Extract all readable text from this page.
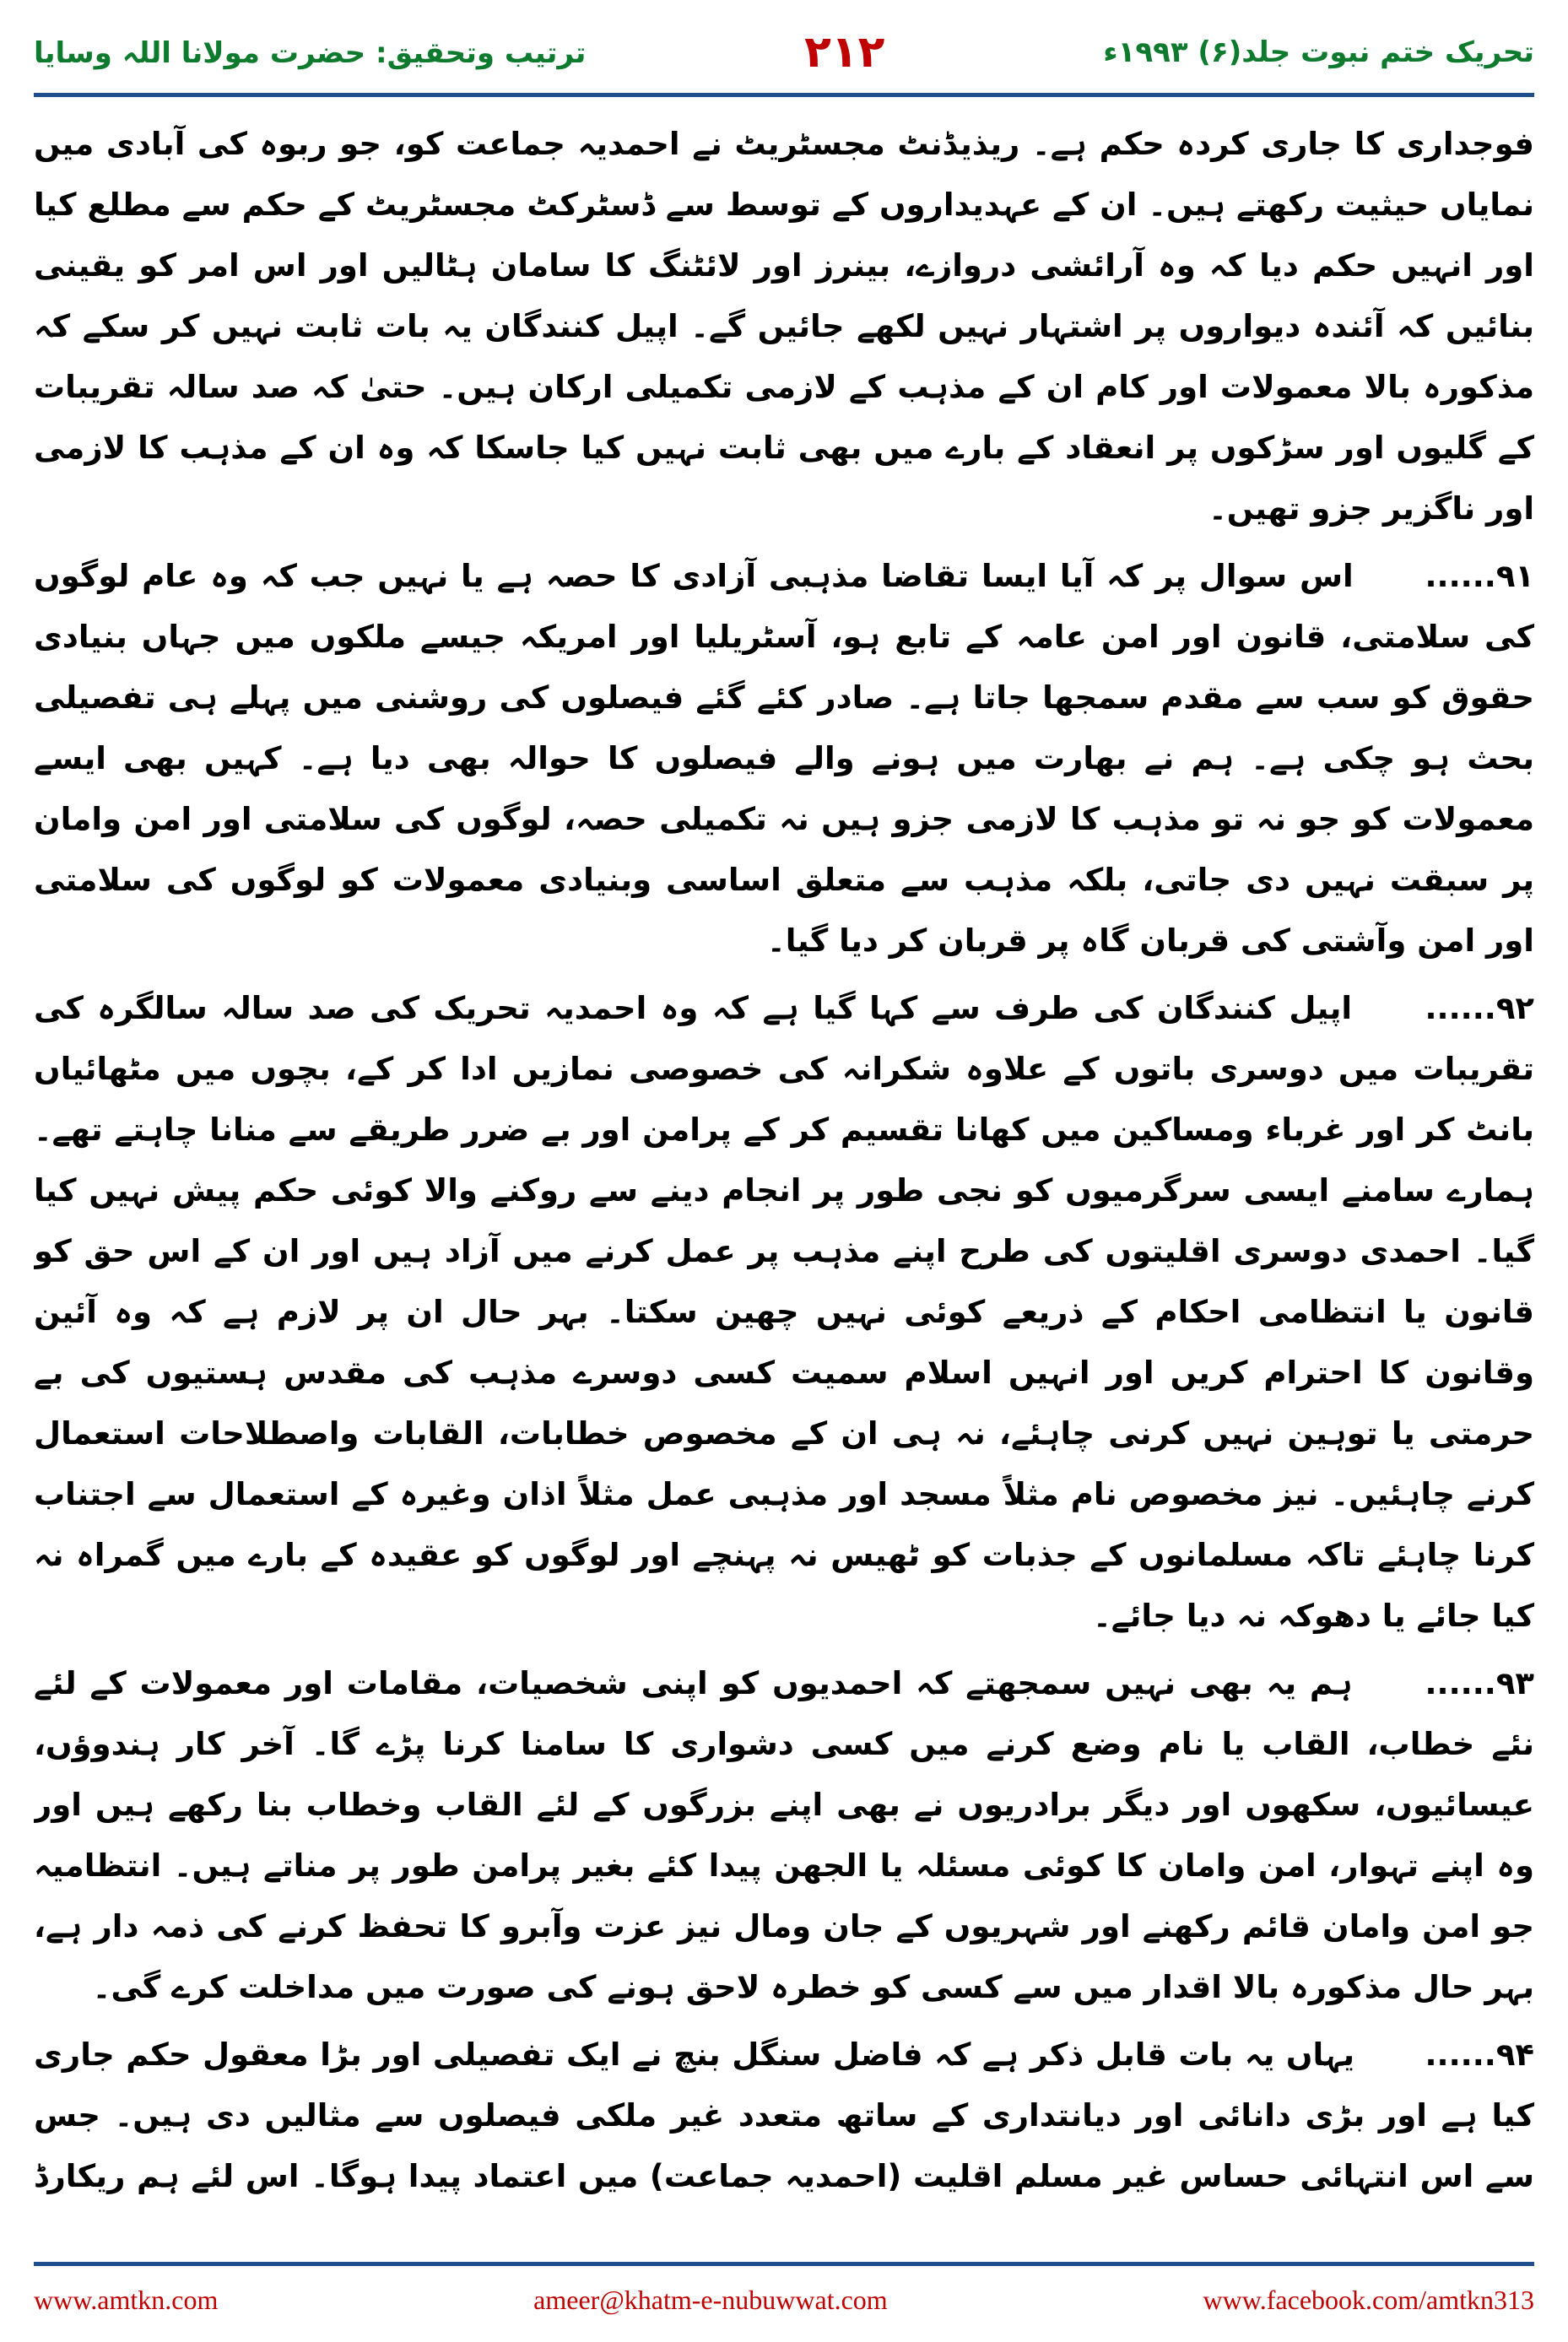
ترتیب وتحقیق: حضرت مولانا اللہ وسایا	۲۱۲	تحریک ختم نبوت جلد(۶) ۱۹۹۳ء

فوجداری کا جاری کردہ حکم ہے۔ ریذیڈنٹ مجسٹریٹ نے احمدیہ جماعت کو، جو ربوہ کی آبادی میں نمایاں حیثیت رکھتے ہیں۔ ان کے عہدیداروں کے توسط سے ڈسٹرکٹ مجسٹریٹ کے حکم سے مطلع کیا اور انہیں حکم دیا کہ وہ آرائشی دروازے، بینرز اور لائٹنگ کا سامان ہٹالیں اور اس امر کو یقینی بنائیں کہ آئندہ دیواروں پر اشتہار نہیں لکھے جائیں گے۔ اپیل کنندگان یہ بات ثابت نہیں کر سکے کہ مذکورہ بالا معمولات اور کام ان کے مذہب کے لازمی تکمیلی ارکان ہیں۔ حتیٰ کہ صد سالہ تقریبات کے گلیوں اور سڑکوں پر انعقاد کے بارے میں بھی ثابت نہیں کیا جاسکا کہ وہ ان کے مذہب کا لازمی اور ناگزیر جزو تھیں۔

۹۱...... اس سوال پر کہ آیا ایسا تقاضا مذہبی آزادی کا حصہ ہے یا نہیں جب کہ وہ عام لوگوں کی سلامتی، قانون اور امن عامہ کے تابع ہو، آسٹریلیا اور امریکہ جیسے ملکوں میں جہاں بنیادی حقوق کو سب سے مقدم سمجھا جاتا ہے۔ صادر کئے گئے فیصلوں کی روشنی میں پہلے ہی تفصیلی بحث ہو چکی ہے۔ ہم نے بھارت میں ہونے والے فیصلوں کا حوالہ بھی دیا ہے۔ کہیں بھی ایسے معمولات کو جو نہ تو مذہب کا لازمی جزو ہیں نہ تکمیلی حصہ، لوگوں کی سلامتی اور امن وامان پر سبقت نہیں دی جاتی، بلکہ مذہب سے متعلق اساسی وبنیادی معمولات کو لوگوں کی سلامتی اور امن وآشتی کی قربان گاہ پر قربان کر دیا گیا۔

۹۲...... اپیل کنندگان کی طرف سے کہا گیا ہے کہ وہ احمدیہ تحریک کی صد سالہ سالگرہ کی تقریبات میں دوسری باتوں کے علاوہ شکرانہ کی خصوصی نمازیں ادا کر کے، بچوں میں مٹھائیاں بانٹ کر اور غرباء ومساکین میں کھانا تقسیم کر کے پرامن اور بے ضرر طریقے سے منانا چاہتے تھے۔ ہمارے سامنے ایسی سرگرمیوں کو نجی طور پر انجام دینے سے روکنے والا کوئی حکم پیش نہیں کیا گیا۔ احمدی دوسری اقلیتوں کی طرح اپنے مذہب پر عمل کرنے میں آزاد ہیں اور ان کے اس حق کو قانون یا انتظامی احکام کے ذریعے کوئی نہیں چھین سکتا۔ بہر حال ان پر لازم ہے کہ وہ آئین وقانون کا احترام کریں اور انہیں اسلام سمیت کسی دوسرے مذہب کی مقدس ہستیوں کی بے حرمتی یا توہین نہیں کرنی چاہئے، نہ ہی ان کے مخصوص خطابات، القابات واصطلاحات استعمال کرنے چاہئیں۔ نیز مخصوص نام مثلاً مسجد اور مذہبی عمل مثلاً اذان وغیرہ کے استعمال سے اجتناب کرنا چاہئے تاکہ مسلمانوں کے جذبات کو ٹھیس نہ پہنچے اور لوگوں کو عقیدہ کے بارے میں گمراہ نہ کیا جائے یا دھوکہ نہ دیا جائے۔

۹۳...... ہم یہ بھی نہیں سمجھتے کہ احمدیوں کو اپنی شخصیات، مقامات اور معمولات کے لئے نئے خطاب، القاب یا نام وضع کرنے میں کسی دشواری کا سامنا کرنا پڑے گا۔ آخر کار ہندوؤں، عیسائیوں، سکھوں اور دیگر برادریوں نے بھی اپنے بزرگوں کے لئے القاب وخطاب بنا رکھے ہیں اور وہ اپنے تہوار، امن وامان کا کوئی مسئلہ یا الجھن پیدا کئے بغیر پرامن طور پر مناتے ہیں۔ انتظامیہ جو امن وامان قائم رکھنے اور شہریوں کے جان ومال نیز عزت وآبرو کا تحفظ کرنے کی ذمہ دار ہے، بہر حال مذکورہ بالا اقدار میں سے کسی کو خطرہ لاحق ہونے کی صورت میں مداخلت کرے گی۔

۹۴...... یہاں یہ بات قابل ذکر ہے کہ فاضل سنگل بنچ نے ایک تفصیلی اور بڑا معقول حکم جاری کیا ہے اور بڑی دانائی اور دیانتداری کے ساتھ متعدد غیر ملکی فیصلوں سے مثالیں دی ہیں۔ جس سے اس انتہائی حساس غیر مسلم اقلیت (احمدیہ جماعت) میں اعتماد پیدا ہوگا۔ اس لئے ہم ریکارڈ

www.amtkn.com	ameer@khatm-e-nubuwwat.com	www.facebook.com/amtkn313
